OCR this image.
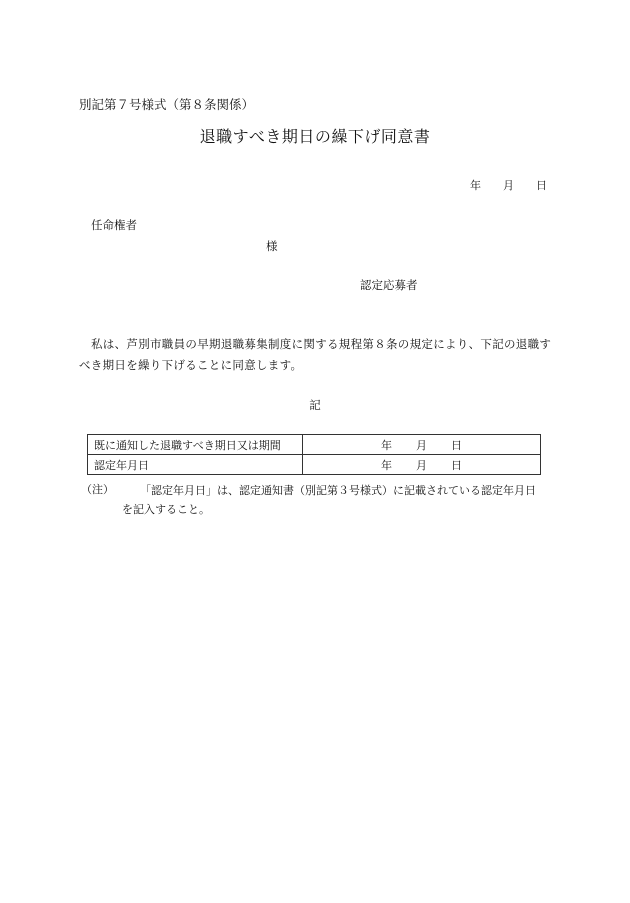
別記第７号様式（第８条関係）
退職すべき期日の繰下げ同意書
年 月 日
任命権者
様
認定応募者
私は、芦別市職員の早期退職募集制度に関する規程第８条の規定により、下記の退職すべき期日を繰り下げることに同意します。
記
既に通知した退職すべき期日又は期間	年 月 日
認定年月日	年 月 日
（注）	「認定年月日」は、認定通知書（別記第３号様式）に記載されている認定年月日
を記入すること。
